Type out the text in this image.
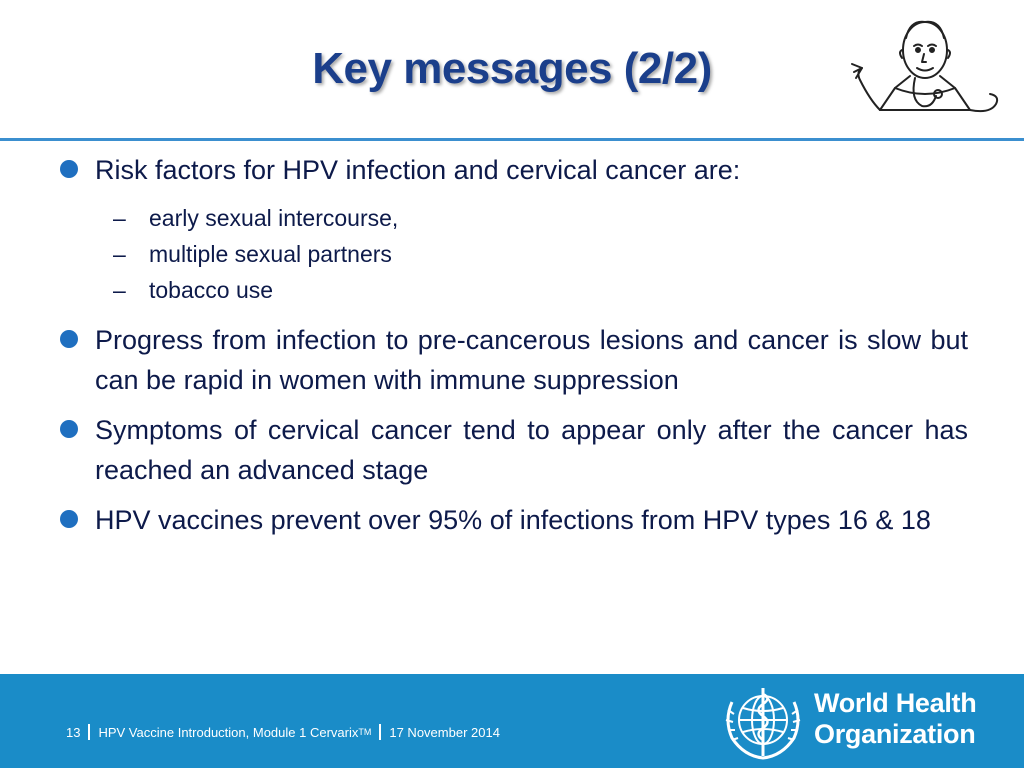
Key messages (2/2)
Risk factors for HPV infection and cervical cancer are:
– early sexual intercourse,
– multiple sexual partners
– tobacco use
Progress from infection to pre-cancerous lesions and cancer is slow but can be rapid in women with immune suppression
Symptoms of cervical cancer tend to appear only after the cancer has reached an advanced stage
HPV vaccines prevent over 95% of infections from HPV types 16 & 18
13 HPV Vaccine Introduction, Module 1 Cervarix TM 17 November 2014
World Health
Organization
